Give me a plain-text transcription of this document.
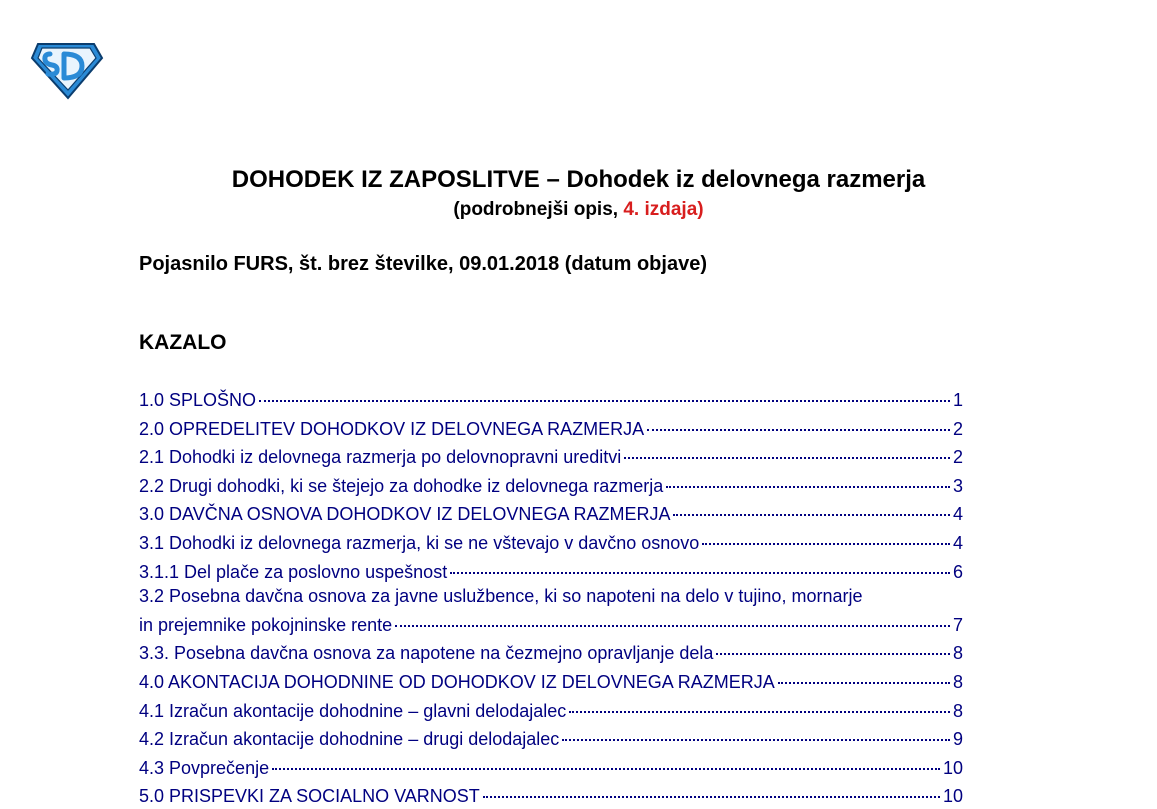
DOHODEK IZ ZAPOSLITVE – Dohodek iz delovnega razmerja
(podrobnejši opis, 4. izdaja)
Pojasnilo FURS, št. brez številke, 09.01.2018 (datum objave)
KAZALO
1.0 SPLOŠNO	1
2.0 OPREDELITEV DOHODKOV IZ DELOVNEGA RAZMERJA	2
2.1 Dohodki iz delovnega razmerja po delovnopravni ureditvi	2
2.2 Drugi dohodki, ki se štejejo za dohodke iz delovnega razmerja	3
3.0 DAVČNA OSNOVA DOHODKOV IZ DELOVNEGA RAZMERJA	4
3.1 Dohodki iz delovnega razmerja, ki se ne vštevajo v davčno osnovo	4
3.1.1 Del plače za poslovno uspešnost	6
3.2 Posebna davčna osnova za javne uslužbence, ki so napoteni na delo v tujino, mornarje
in prejemnike pokojninske rente	7
3.3. Posebna davčna osnova za napotene na čezmejno opravljanje dela	8
4.0 AKONTACIJA DOHODNINE OD DOHODKOV IZ DELOVNEGA RAZMERJA	8
4.1 Izračun akontacije dohodnine – glavni delodajalec	8
4.2 Izračun akontacije dohodnine – drugi delodajalec	9
4.3 Povprečenje	10
5.0 PRISPEVKI ZA SOCIALNO VARNOST	10
